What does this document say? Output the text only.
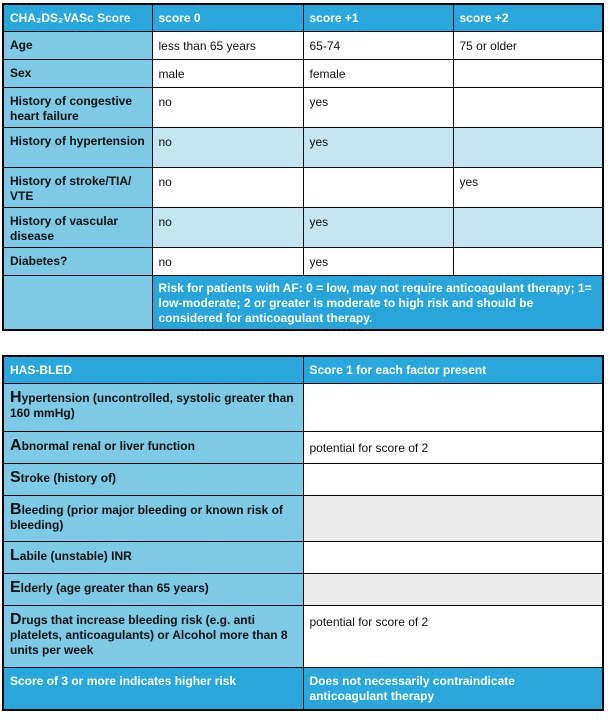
CHA₂DS₂VASc Score	score 0	score +1	score +2
Age	less than 65 years	65-74	75 or older
Sex	male	female	
History of congestive heart failure	no	yes	
History of hypertension	no	yes	
History of stroke/TIA/ VTE	no		yes
History of vascular disease	no	yes	
Diabetes?	no	yes	
	Risk for patients with AF: 0 = low, may not require anticoagulant therapy; 1= low-moderate; 2 or greater is moderate to high risk and should be considered for anticoagulant therapy.		
HAS-BLED	Score 1 for each factor present
Hypertension (uncontrolled, systolic greater than 160 mmHg)	
Abnormal renal or liver function	potential for score of 2
Stroke (history of)	
Bleeding (prior major bleeding or known risk of bleeding)	
Labile (unstable) INR	
Elderly (age greater than 65 years)	
Drugs that increase bleeding risk (e.g. anti platelets, anticoagulants) or Alcohol more than 8 units per week	potential for score of 2
Score of 3 or more indicates higher risk	Does not necessarily contraindicate anticoagulant therapy
